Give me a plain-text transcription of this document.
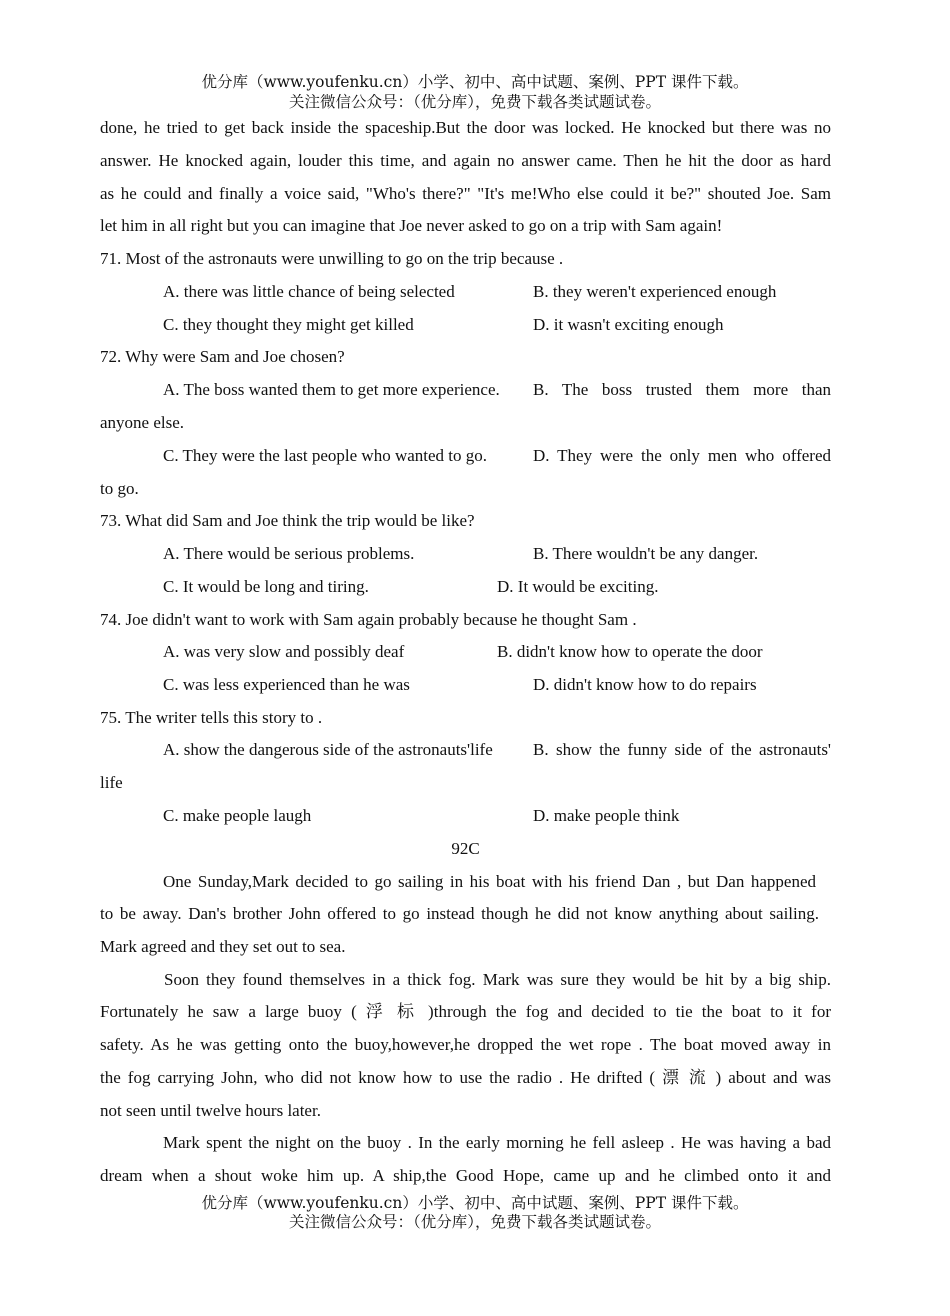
优分库（www.youfenku.cn）小学、初中、高中试题、案例、PPT 课件下载。
关注微信公众号：（优分库），免费下载各类试题试卷。
done, he tried to get back inside the spaceship.But the door was locked. He knocked but there was no
answer. He knocked again, louder this time, and again no answer came. Then he hit the door as hard
as he could and finally a voice said, "Who's there?" "It's me!Who else could it be?" shouted Joe. Sam
let him in all right but you can imagine that Joe never asked to go on a trip with Sam again!
71. Most of the astronauts were unwilling to go on the trip because .
A. there was little chance of being selected	B. they weren't experienced enough
C. they thought they might get killed	D. it wasn't exciting enough
72. Why were Sam and Joe chosen?
A. The boss wanted them to get more experience. B. The boss trusted them more than
anyone else.
C. They were the last people who wanted to go.	D. They were the only men who offered
to go.
73. What did Sam and Joe think the trip would be like?
A. There would be serious problems.	B. There wouldn't be any danger.
C. It would be long and tiring.	D. It would be exciting.
74. Joe didn't want to work with Sam again probably because he thought Sam .
A. was very slow and possibly deaf	B. didn't know how to operate the door
C. was less experienced than he was	D. didn't know how to do repairs
75. The writer tells this story to .
A. show the dangerous side of the astronauts'life B. show the funny side of the astronauts'
life
C. make people laugh	D. make people think
92C
One Sunday,Mark decided to go sailing in his boat with his friend Dan , but Dan happened
to be away. Dan's brother John offered to go instead though he did not know anything about sailing.
Mark agreed and they set out to sea.
Soon they found themselves in a thick fog. Mark was sure they would be hit by a big ship.
Fortunately he saw a large buoy ( 浮 标 )through the fog and decided to tie the boat to it for
safety. As he was getting onto the buoy,however,he dropped the wet rope . The boat moved away in
the fog carrying John, who did not know how to use the radio . He drifted ( 漂 流 ) about and was
not seen until twelve hours later.
Mark spent the night on the buoy . In the early morning he fell asleep . He was having a bad
dream when a shout woke him up. A ship,the Good Hope, came up and he climbed onto it and
优分库（www.youfenku.cn）小学、初中、高中试题、案例、PPT 课件下载。
关注微信公众号：（优分库），免费下载各类试题试卷。
